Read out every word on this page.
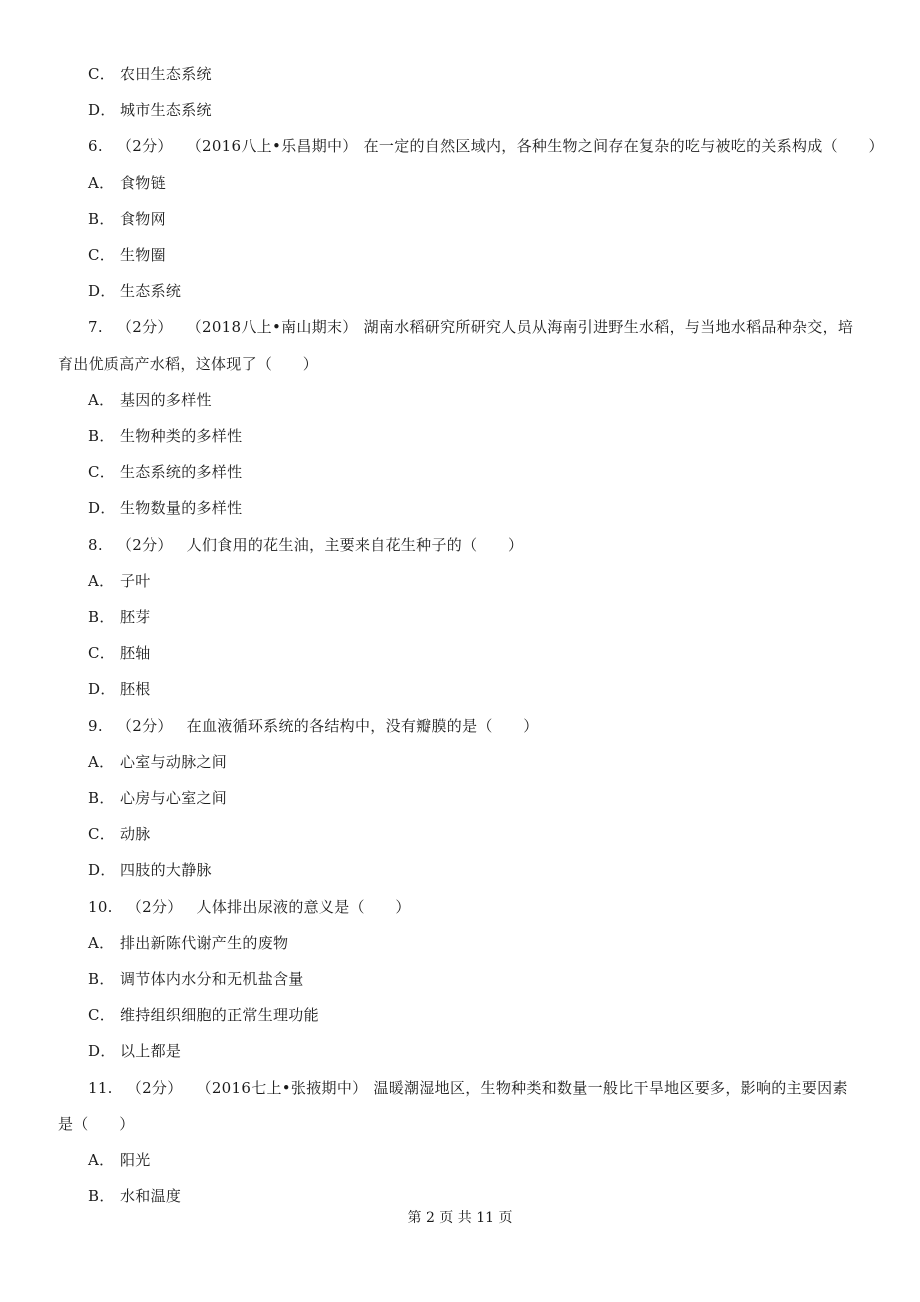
C． 农田生态系统
D． 城市生态系统
6. （2分） （2016八上•乐昌期中） 在一定的自然区域内，各种生物之间存在复杂的吃与被吃的关系构成（　　）
A． 食物链
B． 食物网
C． 生物圈
D． 生态系统
7. （2分） （2018八上•南山期末） 湖南水稻研究所研究人员从海南引进野生水稻，与当地水稻品种杂交，培
育出优质高产水稻，这体现了（　　）
A． 基因的多样性
B． 生物种类的多样性
C． 生态系统的多样性
D． 生物数量的多样性
8. （2分） 人们食用的花生油，主要来自花生种子的（　　）
A． 子叶
B． 胚芽
C． 胚轴
D． 胚根
9. （2分） 在血液循环系统的各结构中，没有瓣膜的是（　　）
A． 心室与动脉之间
B． 心房与心室之间
C． 动脉
D． 四肢的大静脉
10. （2分） 人体排出尿液的意义是（　　）
A． 排出新陈代谢产生的废物
B． 调节体内水分和无机盐含量
C． 维持组织细胞的正常生理功能
D． 以上都是
11. （2分） （2016七上•张掖期中） 温暖潮湿地区，生物种类和数量一般比干旱地区要多，影响的主要因素
是（　　）
A． 阳光
B． 水和温度
第 2 页 共 11 页
